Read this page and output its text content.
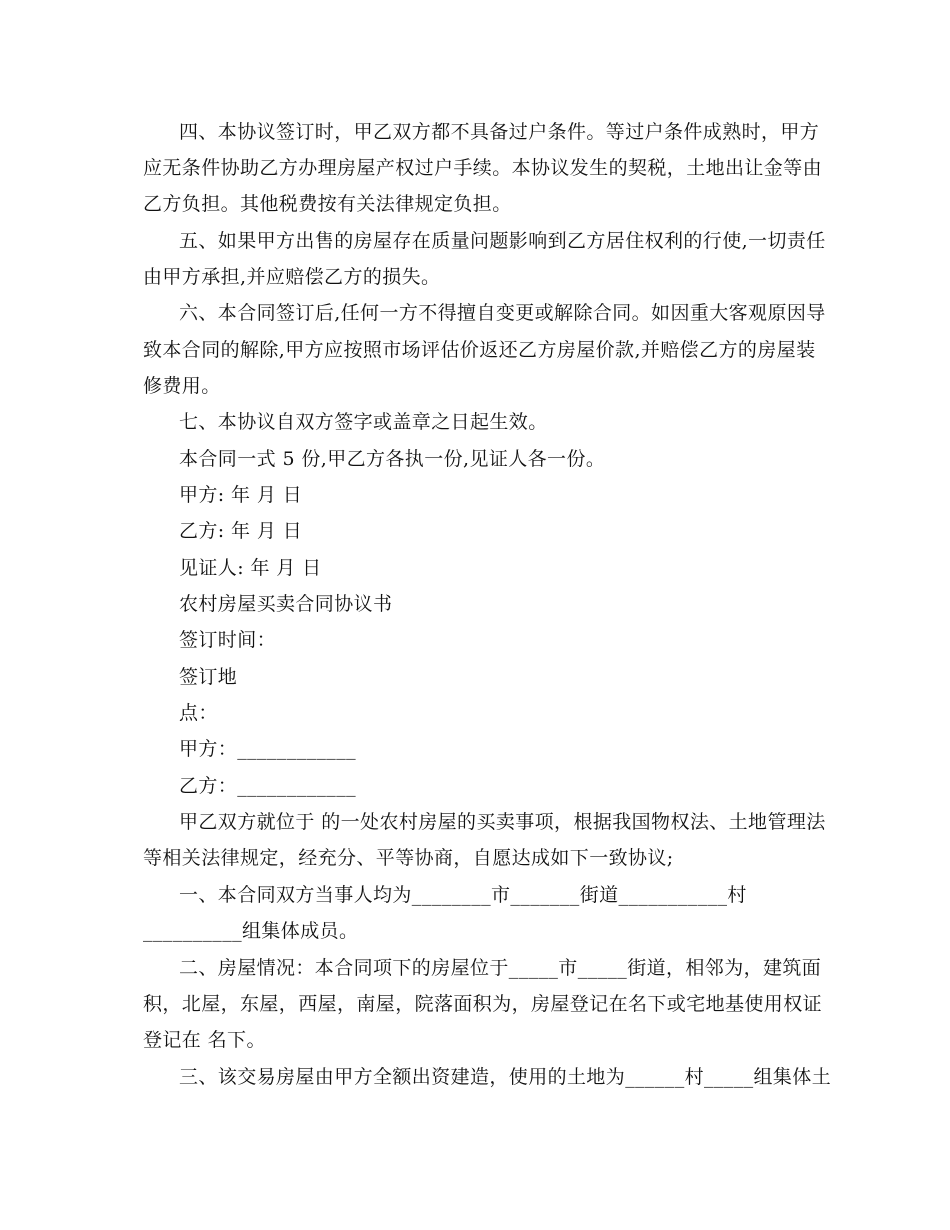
四、本协议签订时，甲乙双方都不具备过户条件。等过户条件成熟时，甲方
应无条件协助乙方办理房屋产权过户手续。本协议发生的契税，土地出让金等由
乙方负担。其他税费按有关法律规定负担。
五、如果甲方出售的房屋存在质量问题影响到乙方居住权利的行使,一切责任
由甲方承担,并应赔偿乙方的损失。
六、本合同签订后,任何一方不得擅自变更或解除合同。如因重大客观原因导
致本合同的解除,甲方应按照市场评估价返还乙方房屋价款,并赔偿乙方的房屋装
修费用。
七、本协议自双方签字或盖章之日起生效。
本合同一式 5 份,甲乙方各执一份,见证人各一份。
甲方: 年 月 日
乙方: 年 月 日
见证人: 年 月 日
农村房屋买卖合同协议书
签订时间：
签订地
点：
甲方：____________
乙方：____________
甲乙双方就位于 的一处农村房屋的买卖事项，根据我国物权法、土地管理法
等相关法律规定，经充分、平等协商，自愿达成如下一致协议;
一、本合同双方当事人均为________市_______街道___________村
__________组集体成员。
二、房屋情况：本合同项下的房屋位于_____市_____街道，相邻为，建筑面
积，北屋，东屋，西屋，南屋，院落面积为，房屋登记在名下或宅地基使用权证
登记在 名下。
三、该交易房屋由甲方全额出资建造，使用的土地为______村_____组集体土
